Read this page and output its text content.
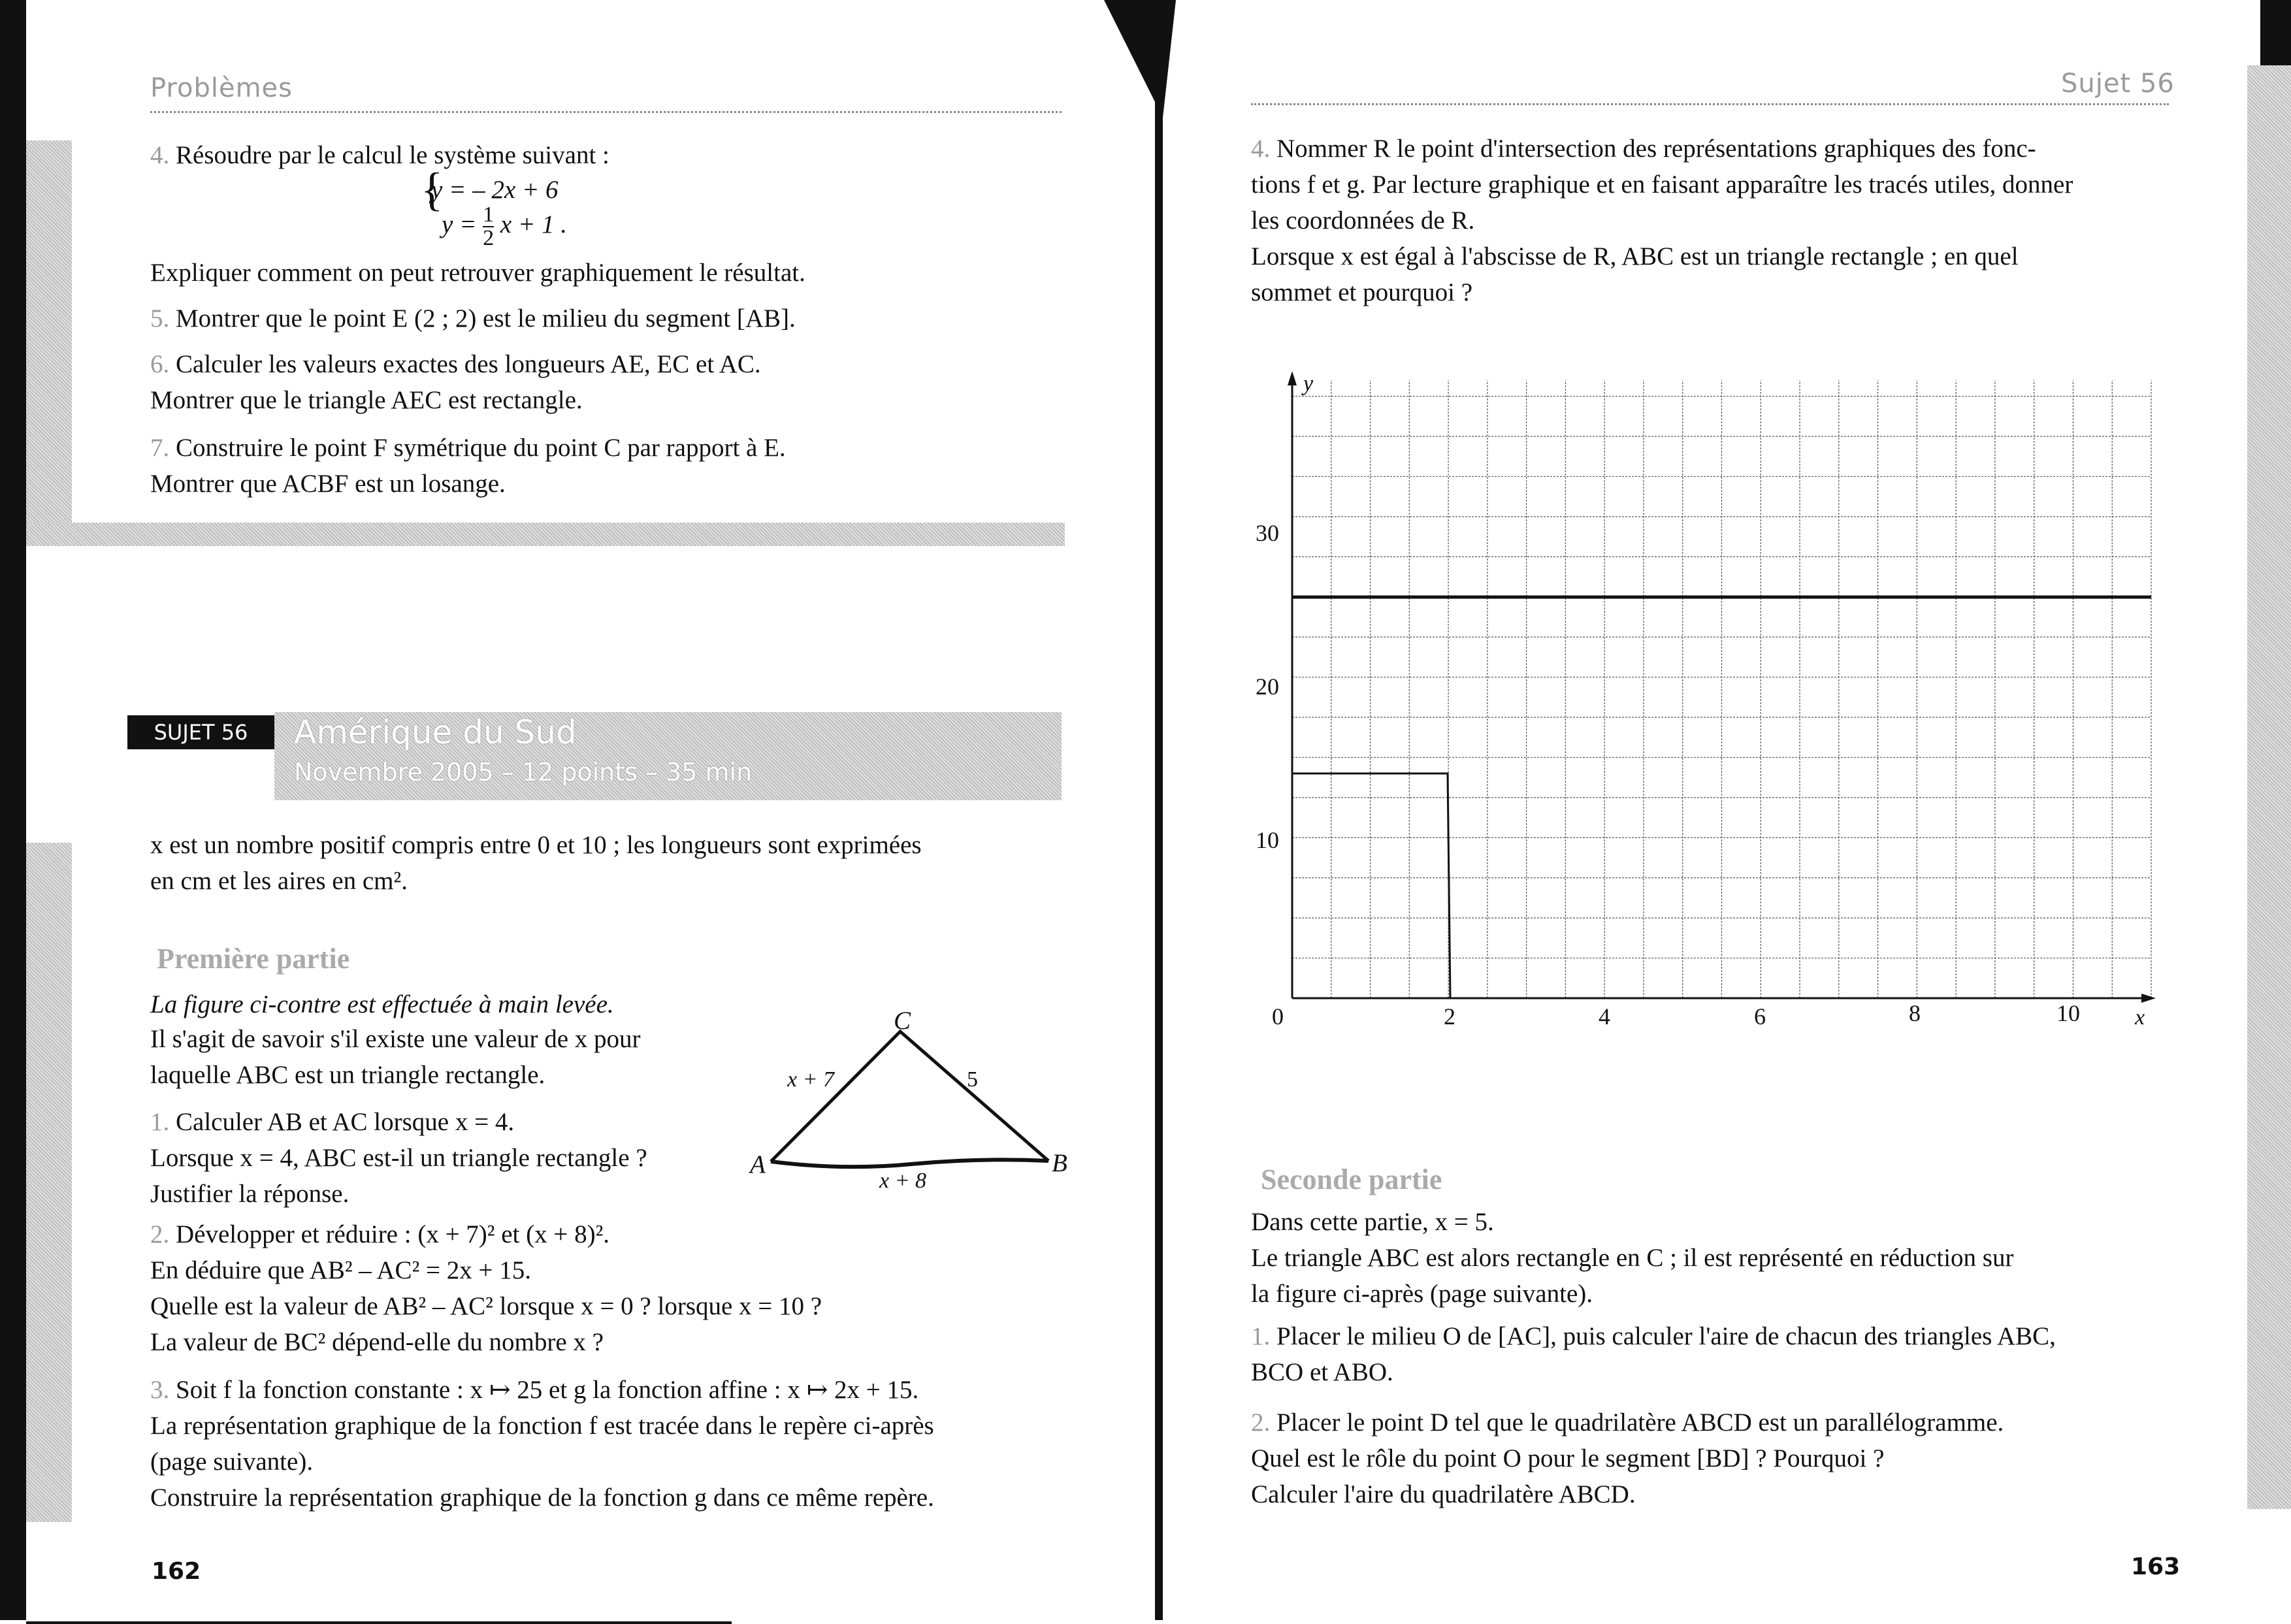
Problèmes
4. Résoudre par le calcul le système suivant :
{
y = – 2x + 6
$y = \frac{1}{2}$ x + 1 .
Expliquer comment on peut retrouver graphiquement le résultat.
5. Montrer que le point E (2 ; 2) est le milieu du segment [AB].
6. Calculer les valeurs exactes des longueurs AE, EC et AC.
Montrer que le triangle AEC est rectangle.
7. Construire le point F symétrique du point C par rapport à E.
Montrer que ACBF est un losange.
SUJET 56	Amérique du Sud
Novembre 2005 – 12 points – 35 min
x est un nombre positif compris entre 0 et 10 ; les longueurs sont exprimées
en cm et les aires en cm².
Première partie
La figure ci-contre est effectuée à main levée.
Il s'agit de savoir s'il existe une valeur de x pour
laquelle ABC est un triangle rectangle.
1. Calculer AB et AC lorsque x = 4.
Lorsque x = 4, ABC est-il un triangle rectangle ?
Justifier la réponse.
C
A	B
x + 7	5
x + 8
2. Développer et réduire : (x + 7)² et (x + 8)².
En déduire que AB² – AC² = 2x + 15.
Quelle est la valeur de AB² – AC² lorsque x = 0 ? lorsque x = 10 ?
La valeur de BC² dépend-elle du nombre x ?
3. Soit f la fonction constante : x ↦ 25 et g la fonction affine : x ↦ 2x + 15.
La représentation graphique de la fonction f est tracée dans le repère ci-après
(page suivante).
Construire la représentation graphique de la fonction g dans ce même repère.
162
Sujet 56
4. Nommer R le point d'intersection des représentations graphiques des fonc-
tions f et g. Par lecture graphique et en faisant apparaître les tracés utiles, donner
les coordonnées de R.
Lorsque x est égal à l'abscisse de R, ABC est un triangle rectangle ; en quel
sommet et pourquoi ?
y
x
30
20
10
0	2	4	6	8	10
Seconde partie
Dans cette partie, x = 5.
Le triangle ABC est alors rectangle en C ; il est représenté en réduction sur
la figure ci-après (page suivante).
1. Placer le milieu O de [AC], puis calculer l'aire de chacun des triangles ABC,
BCO et ABO.
2. Placer le point D tel que le quadrilatère ABCD est un parallélogramme.
Quel est le rôle du point O pour le segment [BD] ? Pourquoi ?
Calculer l'aire du quadrilatère ABCD.
163
